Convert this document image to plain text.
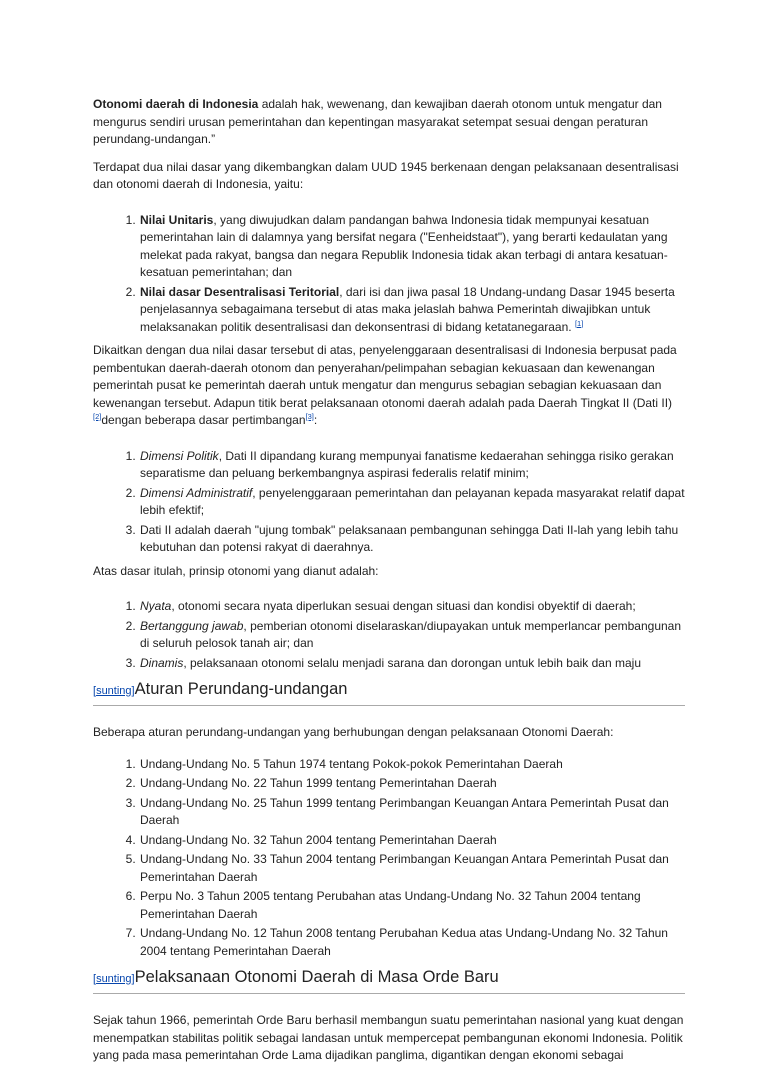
Otonomi daerah di Indonesia adalah hak, wewenang, dan kewajiban daerah otonom untuk mengatur dan mengurus sendiri urusan pemerintahan dan kepentingan masyarakat setempat sesuai dengan peraturan perundang-undangan.”

Terdapat dua nilai dasar yang dikembangkan dalam UUD 1945 berkenaan dengan pelaksanaan desentralisasi dan otonomi daerah di Indonesia, yaitu:

1. Nilai Unitaris, yang diwujudkan dalam pandangan bahwa Indonesia tidak mempunyai kesatuan pemerintahan lain di dalamnya yang bersifat negara ("Eenheidstaat"), yang berarti kedaulatan yang melekat pada rakyat, bangsa dan negara Republik Indonesia tidak akan terbagi di antara kesatuan-kesatuan pemerintahan; dan
2. Nilai dasar Desentralisasi Teritorial, dari isi dan jiwa pasal 18 Undang-undang Dasar 1945 beserta penjelasannya sebagaimana tersebut di atas maka jelaslah bahwa Pemerintah diwajibkan untuk melaksanakan politik desentralisasi dan dekonsentrasi di bidang ketatanegaraan. [1]

Dikaitkan dengan dua nilai dasar tersebut di atas, penyelenggaraan desentralisasi di Indonesia berpusat pada pembentukan daerah-daerah otonom dan penyerahan/pelimpahan sebagian kekuasaan dan kewenangan pemerintah pusat ke pemerintah daerah untuk mengatur dan mengurus sebagian sebagian kekuasaan dan kewenangan tersebut. Adapun titik berat pelaksanaan otonomi daerah adalah pada Daerah Tingkat II (Dati II)[2]dengan beberapa dasar pertimbangan[3]:

1. Dimensi Politik, Dati II dipandang kurang mempunyai fanatisme kedaerahan sehingga risiko gerakan separatisme dan peluang berkembangnya aspirasi federalis relatif minim;
2. Dimensi Administratif, penyelenggaraan pemerintahan dan pelayanan kepada masyarakat relatif dapat lebih efektif;
3. Dati II adalah daerah "ujung tombak" pelaksanaan pembangunan sehingga Dati II-lah yang lebih tahu kebutuhan dan potensi rakyat di daerahnya.

Atas dasar itulah, prinsip otonomi yang dianut adalah:

1. Nyata, otonomi secara nyata diperlukan sesuai dengan situasi dan kondisi obyektif di daerah;
2. Bertanggung jawab, pemberian otonomi diselaraskan/diupayakan untuk memperlancar pembangunan di seluruh pelosok tanah air; dan
3. Dinamis, pelaksanaan otonomi selalu menjadi sarana dan dorongan untuk lebih baik dan maju
[sunting]Aturan Perundang-undangan

Beberapa aturan perundang-undangan yang berhubungan dengan pelaksanaan Otonomi Daerah:

1. Undang-Undang No. 5 Tahun 1974 tentang Pokok-pokok Pemerintahan Daerah
2. Undang-Undang No. 22 Tahun 1999 tentang Pemerintahan Daerah
3. Undang-Undang No. 25 Tahun 1999 tentang Perimbangan Keuangan Antara Pemerintah Pusat dan Daerah
4. Undang-Undang No. 32 Tahun 2004 tentang Pemerintahan Daerah
5. Undang-Undang No. 33 Tahun 2004 tentang Perimbangan Keuangan Antara Pemerintah Pusat dan Pemerintahan Daerah
6. Perpu No. 3 Tahun 2005 tentang Perubahan atas Undang-Undang No. 32 Tahun 2004 tentang Pemerintahan Daerah
7. Undang-Undang No. 12 Tahun 2008 tentang Perubahan Kedua atas Undang-Undang No. 32 Tahun 2004 tentang Pemerintahan Daerah
[sunting]Pelaksanaan Otonomi Daerah di Masa Orde Baru

Sejak tahun 1966, pemerintah Orde Baru berhasil membangun suatu pemerintahan nasional yang kuat dengan menempatkan stabilitas politik sebagai landasan untuk mempercepat pembangunan ekonomi Indonesia. Politik yang pada masa pemerintahan Orde Lama dijadikan panglima, digantikan dengan ekonomi sebagai
